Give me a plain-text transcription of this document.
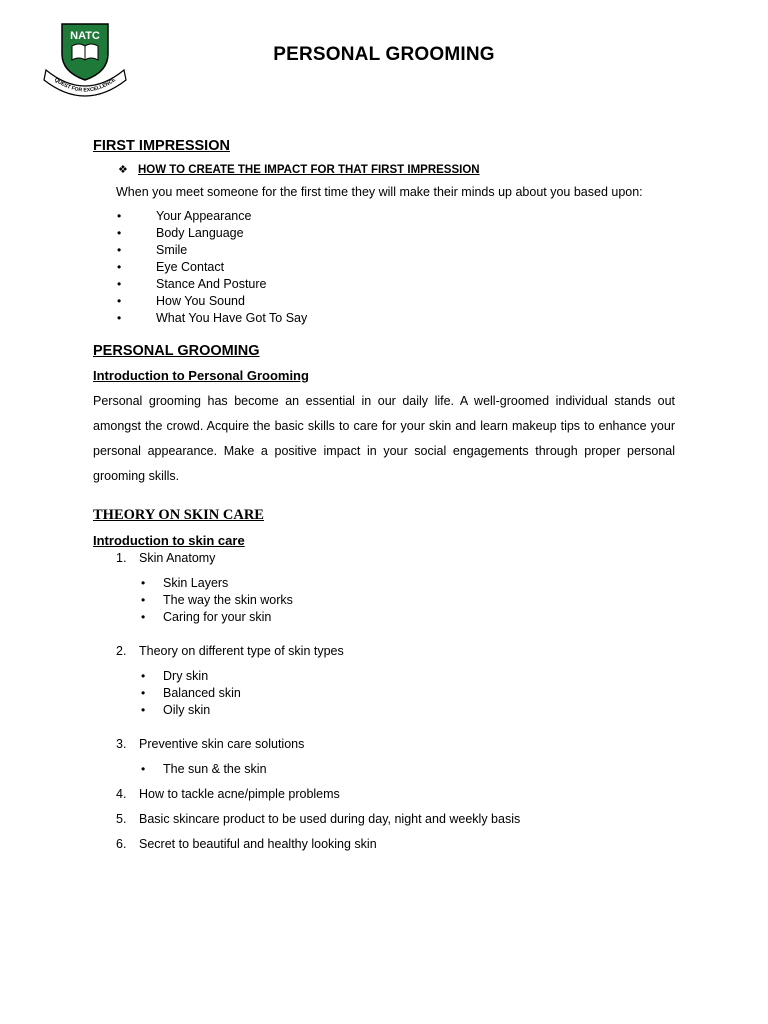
NATC
QUEST FOR EXCELLENCE
PERSONAL GROOMING
FIRST IMPRESSION
❖ HOW TO CREATE THE IMPACT FOR THAT FIRST IMPRESSION
When you meet someone for the first time they will make their minds up about you based upon:
•	Your Appearance
•	Body Language
•	Smile
•	Eye Contact
•	Stance And Posture
•	How You Sound
•	What You Have Got To Say
PERSONAL GROOMING
Introduction to Personal Grooming
Personal grooming has become an essential in our daily life. A well-groomed individual stands out amongst the crowd. Acquire the basic skills to care for your skin and learn makeup tips to enhance your personal appearance. Make a positive impact in your social engagements through proper personal grooming skills.
THEORY ON SKIN CARE
Introduction to skin care
1. Skin Anatomy
• Skin Layers
• The way the skin works
• Caring for your skin
2. Theory on different type of skin types
• Dry skin
• Balanced skin
• Oily skin
3. Preventive skin care solutions
• The sun & the skin
4. How to tackle acne/pimple problems
5. Basic skincare product to be used during day, night and weekly basis
6. Secret to beautiful and healthy looking skin
